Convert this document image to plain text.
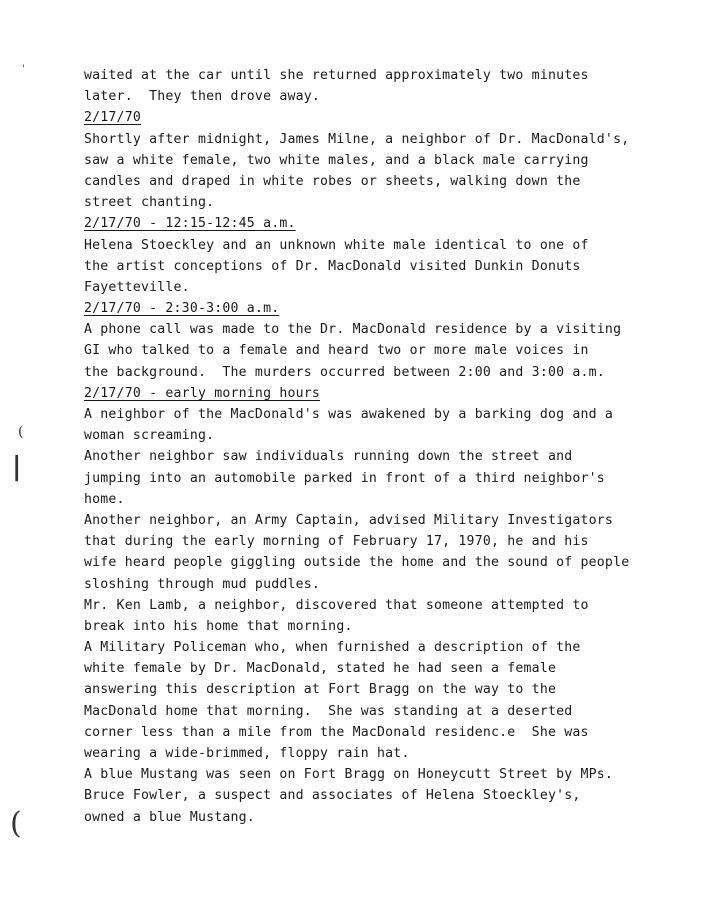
'
(
|
(
waited at the car until she returned approximately two minutes
later.  They then drove away.
2/17/70
Shortly after midnight, James Milne, a neighbor of Dr. MacDonald's,
saw a white female, two white males, and a black male carrying
candles and draped in white robes or sheets, walking down the
street chanting.
2/17/70 - 12:15-12:45 a.m.
Helena Stoeckley and an unknown white male identical to one of
the artist conceptions of Dr. MacDonald visited Dunkin Donuts
Fayetteville.
2/17/70 - 2:30-3:00 a.m.
A phone call was made to the Dr. MacDonald residence by a visiting
GI who talked to a female and heard two or more male voices in
the background.  The murders occurred between 2:00 and 3:00 a.m.
2/17/70 - early morning hours
A neighbor of the MacDonald's was awakened by a barking dog and a
woman screaming.
Another neighbor saw individuals running down the street and
jumping into an automobile parked in front of a third neighbor's
home.
Another neighbor, an Army Captain, advised Military Investigators
that during the early morning of February 17, 1970, he and his
wife heard people giggling outside the home and the sound of people
sloshing through mud puddles.
Mr. Ken Lamb, a neighbor, discovered that someone attempted to
break into his home that morning.
A Military Policeman who, when furnished a description of the
white female by Dr. MacDonald, stated he had seen a female
answering this description at Fort Bragg on the way to the
MacDonald home that morning.  She was standing at a deserted
corner less than a mile from the MacDonald residenc.e  She was
wearing a wide-brimmed, floppy rain hat.
A blue Mustang was seen on Fort Bragg on Honeycutt Street by MPs.
Bruce Fowler, a suspect and associates of Helena Stoeckley's,
owned a blue Mustang.
